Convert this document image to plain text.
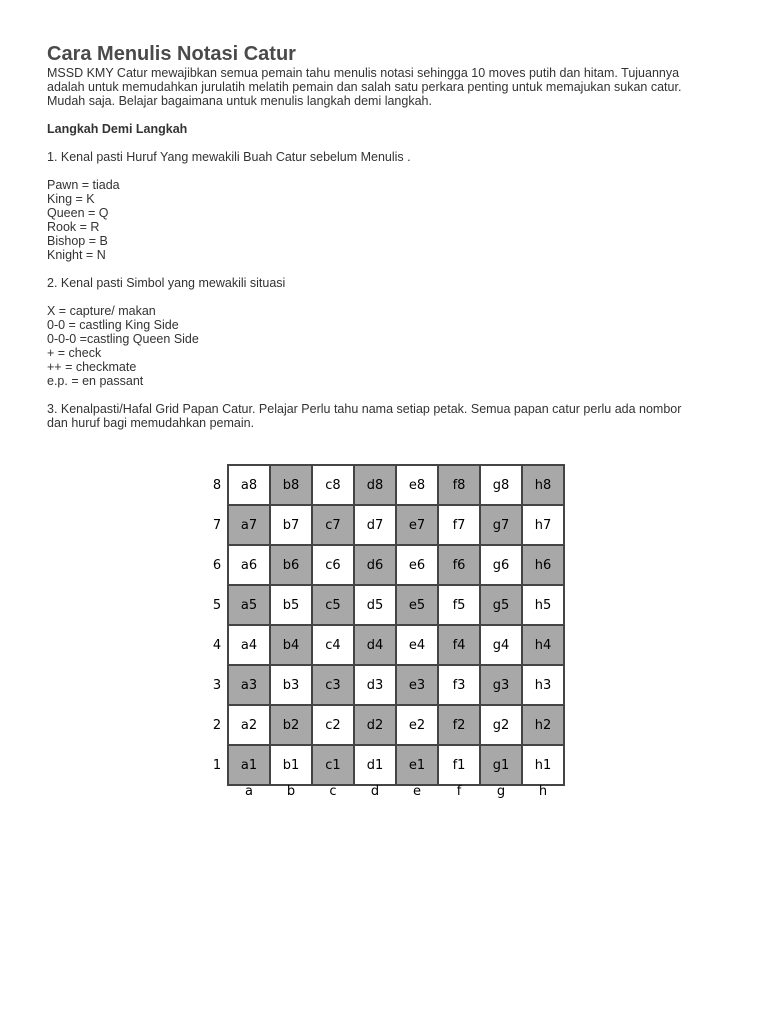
Cara Menulis Notasi Catur

MSSD KMY Catur mewajibkan semua pemain tahu menulis notasi sehingga 10 moves putih dan hitam. Tujuannya

adalah untuk memudahkan jurulatih melatih pemain dan salah satu perkara penting untuk memajukan sukan catur.

Mudah saja. Belajar bagaimana untuk menulis langkah demi langkah.

Langkah Demi Langkah

1. Kenal pasti Huruf Yang mewakili Buah Catur sebelum Menulis .

Pawn = tiada

King = K

Queen = Q

Rook = R

Bishop = B

Knight = N

2. Kenal pasti Simbol yang mewakili situasi

X = capture/ makan

0-0 = castling King Side

0-0-0 =castling Queen Side

+ = check

++ = checkmate

e.p. = en passant

3. Kenalpasti/Hafal Grid Papan Catur. Pelajar Perlu tahu nama setiap petak. Semua papan catur perlu ada nombor

dan huruf bagi memudahkan pemain.

a8	b8	c8	d8	e8	f8	g8	h8
a7	b7	c7	d7	e7	f7	g7	h7
a6	b6	c6	d6	e6	f6	g6	h6
a5	b5	c5	d5	e5	f5	g5	h5
a4	b4	c4	d4	e4	f4	g4	h4
a3	b3	c3	d3	e3	f3	g3	h3
a2	b2	c2	d2	e2	f2	g2	h2
a1	b1	c1	d1	e1	f1	g1	h1
8
7
6
5
4
3
2
1
a	b	c	d	e	f	g	h
